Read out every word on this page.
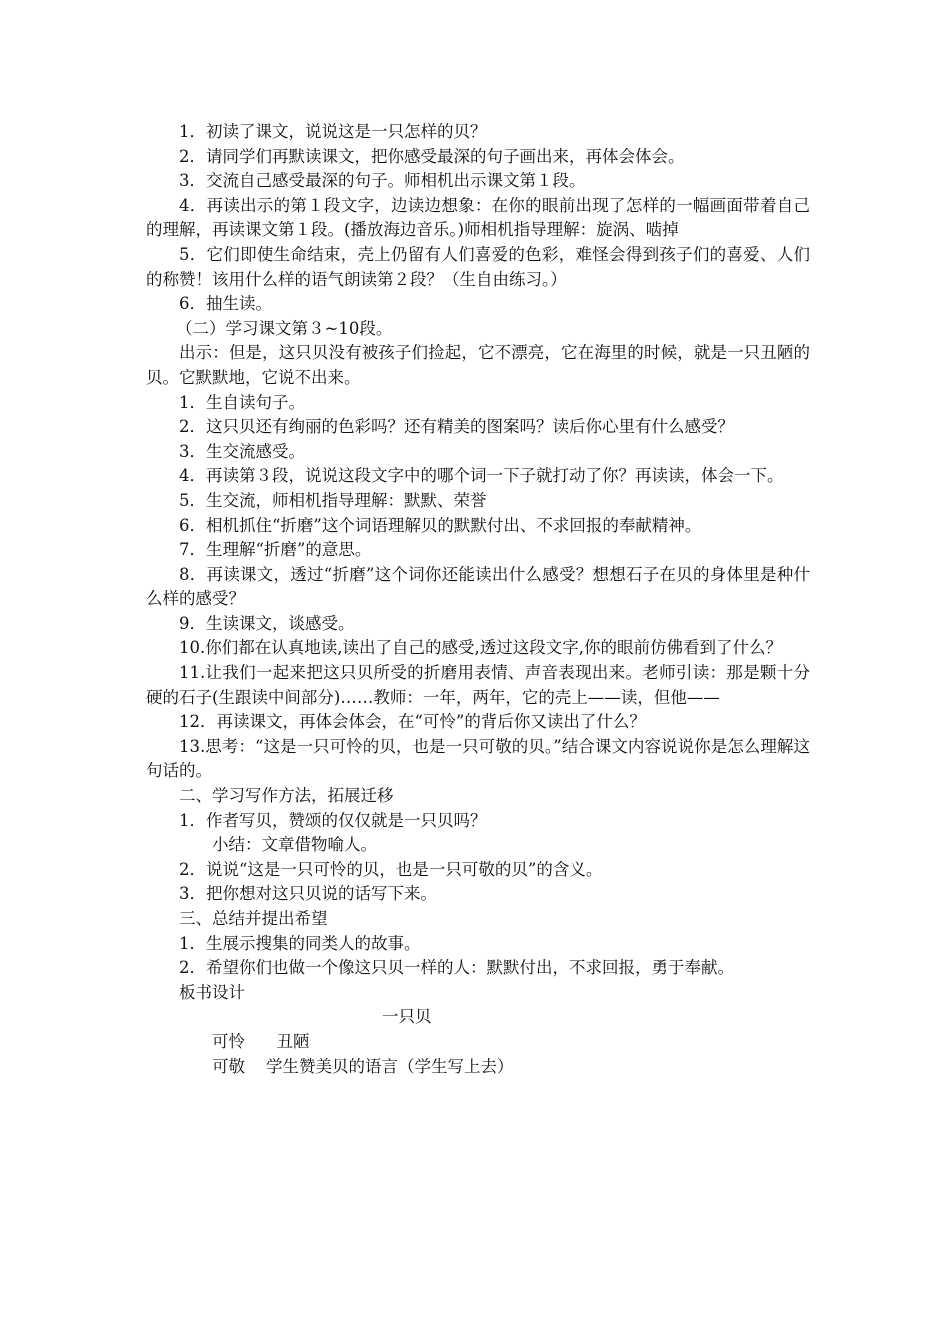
1．初读了课文，说说这是一只怎样的贝？

2．请同学们再默读课文，把你感受最深的句子画出来，再体会体会。

3．交流自己感受最深的句子。师相机出示课文第１段。

4．再读出示的第１段文字，边读边想象：在你的眼前出现了怎样的一幅画面带着自己的理解，再读课文第１段。(播放海边音乐。)师相机指导理解：旋涡、啮掉

5．它们即使生命结束，壳上仍留有人们喜爱的色彩，难怪会得到孩子们的喜爱、人们的称赞！该用什么样的语气朗读第２段？（生自由练习。）

6．抽生读。

（二）学习课文第３~10段。

出示：但是，这只贝没有被孩子们捡起，它不漂亮，它在海里的时候，就是一只丑陋的贝。它默默地，它说不出来。

1．生自读句子。

2．这只贝还有绚丽的色彩吗？还有精美的图案吗？读后你心里有什么感受？

3．生交流感受。

4．再读第３段，说说这段文字中的哪个词一下子就打动了你？再读读，体会一下。

5．生交流，师相机指导理解：默默、荣誉

6．相机抓住“折磨”这个词语理解贝的默默付出、不求回报的奉献精神。

7．生理解“折磨”的意思。

8．再读课文，透过“折磨”这个词你还能读出什么感受？想想石子在贝的身体里是种什么样的感受？

9．生读课文，谈感受。

10.你们都在认真地读,读出了自己的感受,透过这段文字,你的眼前仿佛看到了什么？

11.让我们一起来把这只贝所受的折磨用表情、声音表现出来。老师引读：那是颗十分硬的石子(生跟读中间部分)……教师：一年，两年，它的壳上——读，但他——

12．再读课文，再体会体会，在“可怜”的背后你又读出了什么？

13.思考：“这是一只可怜的贝，也是一只可敬的贝。”结合课文内容说说你是怎么理解这句话的。

二、学习写作方法，拓展迁移

1．作者写贝，赞颂的仅仅就是一只贝吗？

小结：文章借物喻人。

2．说说“这是一只可怜的贝，也是一只可敬的贝”的含义。

3．把你想对这只贝说的话写下来。

三、总结并提出希望

1．生展示搜集的同类人的故事。

2．希望你们也做一个像这只贝一样的人：默默付出，不求回报，勇于奉献。

板书设计

一只贝

可怜      丑陋

可敬    学生赞美贝的语言（学生写上去）
